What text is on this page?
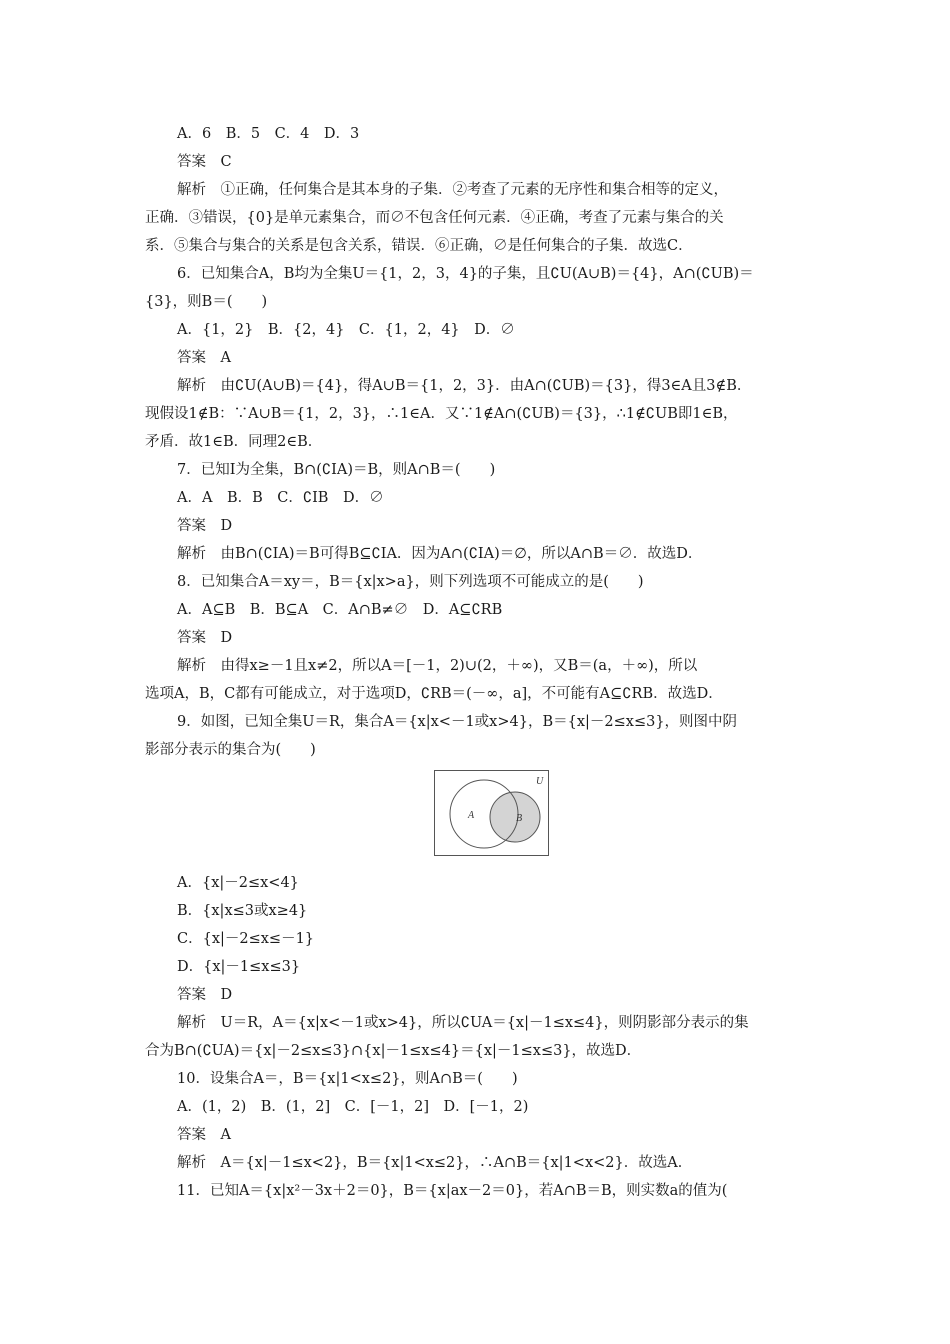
A．6　B．5　C．4　D．3
答案　C
解析　①正确，任何集合是其本身的子集．②考查了元素的无序性和集合相等的定义，
正确．③错误，{0}是单元素集合，而∅不包含任何元素．④正确，考查了元素与集合的关
系．⑤集合与集合的关系是包含关系，错误．⑥正确，∅是任何集合的子集．故选C．
6．已知集合A，B均为全集U＝{1，2，3，4}的子集，且∁U(A∪B)＝{4}，A∩(∁UB)＝
{3}，则B＝(　　)
A．{1，2}　B．{2，4}　C．{1，2，4}　D．∅
答案　A
解析　由∁U(A∪B)＝{4}，得A∪B＝{1，2，3}．由A∩(∁UB)＝{3}，得3∈A且3∉B．
现假设1∉B：∵A∪B＝{1，2，3}，∴1∈A．又∵1∉A∩(∁UB)＝{3}，∴1∉∁UB即1∈B，
矛盾．故1∈B．同理2∈B．
7．已知I为全集，B∩(∁IA)＝B，则A∩B＝(　　)
A．A　B．B　C．∁IB　D．∅
答案　D
解析　由B∩(∁IA)＝B可得B⊆∁IA．因为A∩(∁IA)＝∅，所以A∩B＝∅．故选D．
8．已知集合A＝xy＝，B＝{x|x>a}，则下列选项不可能成立的是(　　)
A．A⊆B　B．B⊆A　C．A∩B≠∅　D．A⊆∁RB
答案　D
解析　由得x≥－1且x≠2，所以A＝[－1，2)∪(2，＋∞)，又B＝(a，＋∞)，所以
选项A，B，C都有可能成立，对于选项D，∁RB＝(－∞，a]，不可能有A⊆∁RB．故选D．
9．如图，已知全集U＝R，集合A＝{x|x<－1或x>4}，B＝{x|－2≤x≤3}，则图中阴
影部分表示的集合为(　　)
A．{x|－2≤x<4}
B．{x|x≤3或x≥4}
C．{x|－2≤x≤－1}
D．{x|－1≤x≤3}
答案　D
解析　U＝R，A＝{x|x<－1或x>4}，所以∁UA＝{x|－1≤x≤4}，则阴影部分表示的集
合为B∩(∁UA)＝{x|－2≤x≤3}∩{x|－1≤x≤4}＝{x|－1≤x≤3}，故选D．
10．设集合A＝，B＝{x|1<x≤2}，则A∩B＝(　　)
A．(1，2)　B．(1，2]　C．[－1，2]　D．[－1，2)
答案　A
解析　A＝{x|－1≤x<2}，B＝{x|1<x≤2}，∴A∩B＝{x|1<x<2}．故选A．
11．已知A＝{x|x²－3x＋2＝0}，B＝{x|ax－2＝0}，若A∩B＝B，则实数a的值为(
U
A	B
